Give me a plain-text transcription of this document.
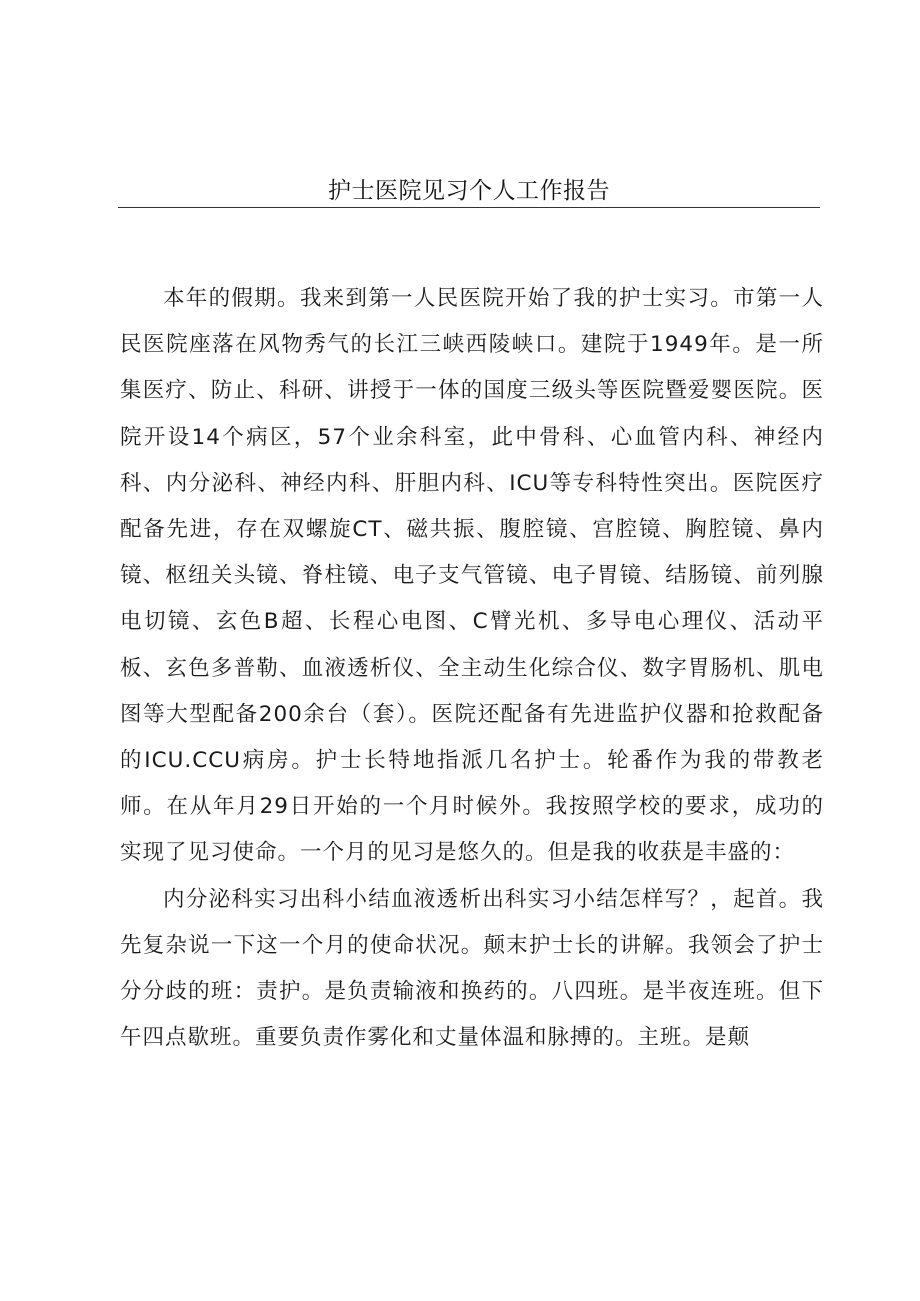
护士医院见习个人工作报告

本年的假期。我来到第一人民医院开始了我的护士实习。市第一人民医院座落在风物秀气的长江三峡西陵峡口。建院于1949年。是一所集医疗、防止、科研、讲授于一体的国度三级头等医院暨爱婴医院。医院开设14个病区，57个业余科室，此中骨科、心血管内科、神经内科、内分泌科、神经内科、肝胆内科、ICU等专科特性突出。医院医疗配备先进，存在双螺旋CT、磁共振、腹腔镜、宫腔镜、胸腔镜、鼻内镜、枢纽关头镜、脊柱镜、电子支气管镜、电子胃镜、结肠镜、前列腺电切镜、玄色B超、长程心电图、C臂光机、多导电心理仪、活动平板、玄色多普勒、血液透析仪、全主动生化综合仪、数字胃肠机、肌电图等大型配备200余台（套）。医院还配备有先进监护仪器和抢救配备的ICU.CCU病房。护士长特地指派几名护士。轮番作为我的带教老师。在从年月29日开始的一个月时候外。我按照学校的要求，成功的实现了见习使命。一个月的见习是悠久的。但是我的收获是丰盛的：

内分泌科实习出科小结血液透析出科实习小结怎样写？，起首。我先复杂说一下这一个月的使命状况。颠末护士长的讲解。我领会了护士分分歧的班：责护。是负责输液和换药的。八四班。是半夜连班。但下午四点歇班。重要负责作雾化和丈量体温和脉搏的。主班。是颠
